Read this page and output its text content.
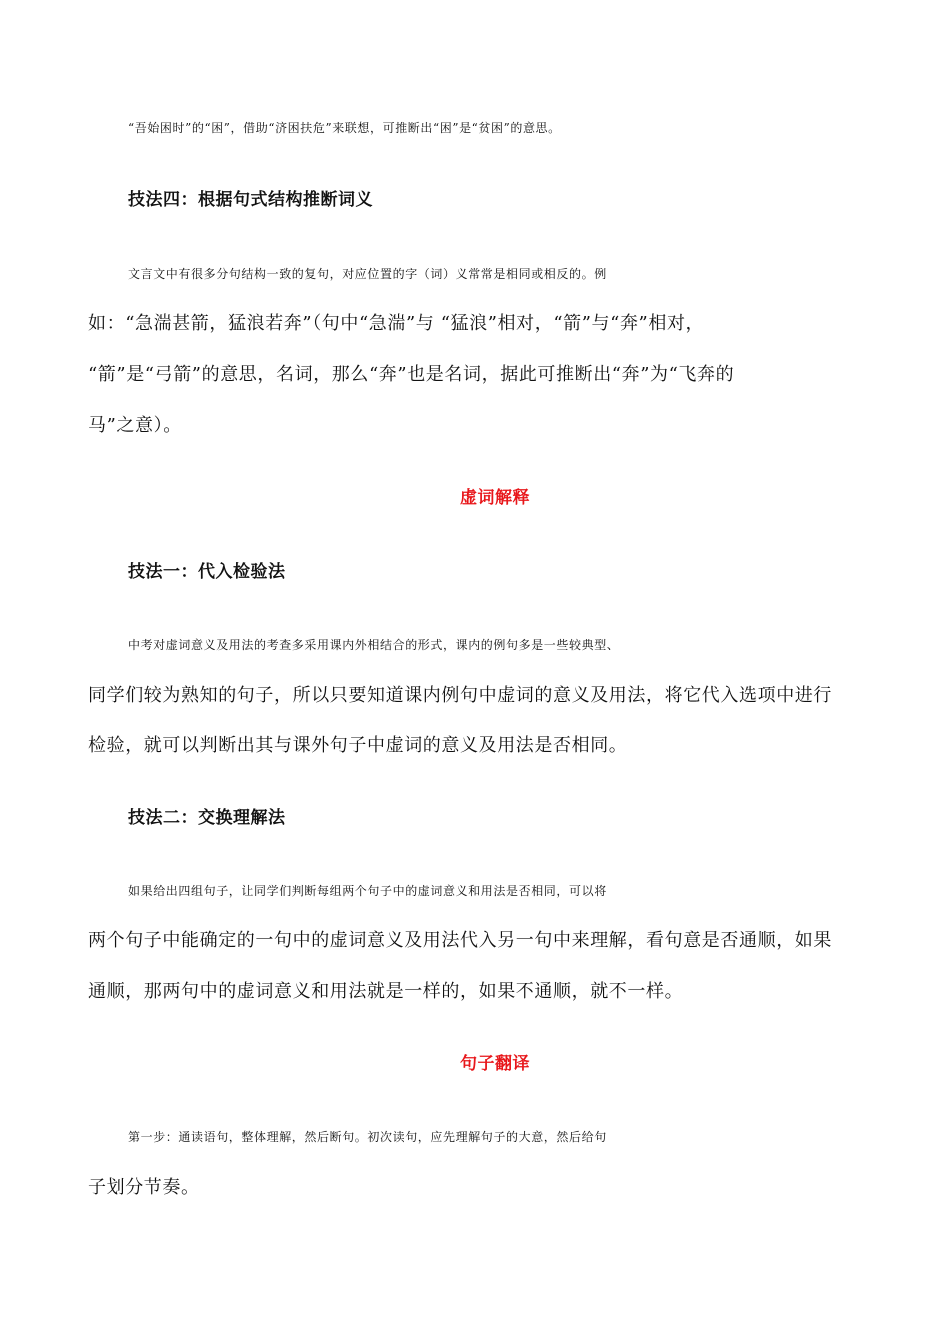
“吾始困时”的“困”，借助“济困扶危”来联想，可推断出“困”是“贫困”的意思。
技法四：根据句式结构推断词义
文言文中有很多分句结构一致的复句，对应位置的字（词）义常常是相同或相反的。例
如：“急湍甚箭，猛浪若奔”（句中“急湍”与 “猛浪”相对，“箭”与“奔”相对，
“箭”是“弓箭”的意思，名词，那么“奔”也是名词，据此可推断出“奔”为“飞奔的
马”之意）。
虚词解释
技法一：代入检验法
中考对虚词意义及用法的考查多采用课内外相结合的形式，课内的例句多是一些较典型、
同学们较为熟知的句子，所以只要知道课内例句中虚词的意义及用法，将它代入选项中进行
检验，就可以判断出其与课外句子中虚词的意义及用法是否相同。
技法二：交换理解法
如果给出四组句子，让同学们判断每组两个句子中的虚词意义和用法是否相同，可以将
两个句子中能确定的一句中的虚词意义及用法代入另一句中来理解，看句意是否通顺，如果
通顺，那两句中的虚词意义和用法就是一样的，如果不通顺，就不一样。
句子翻译
第一步：通读语句，整体理解，然后断句。初次读句，应先理解句子的大意，然后给句
子划分节奏。
